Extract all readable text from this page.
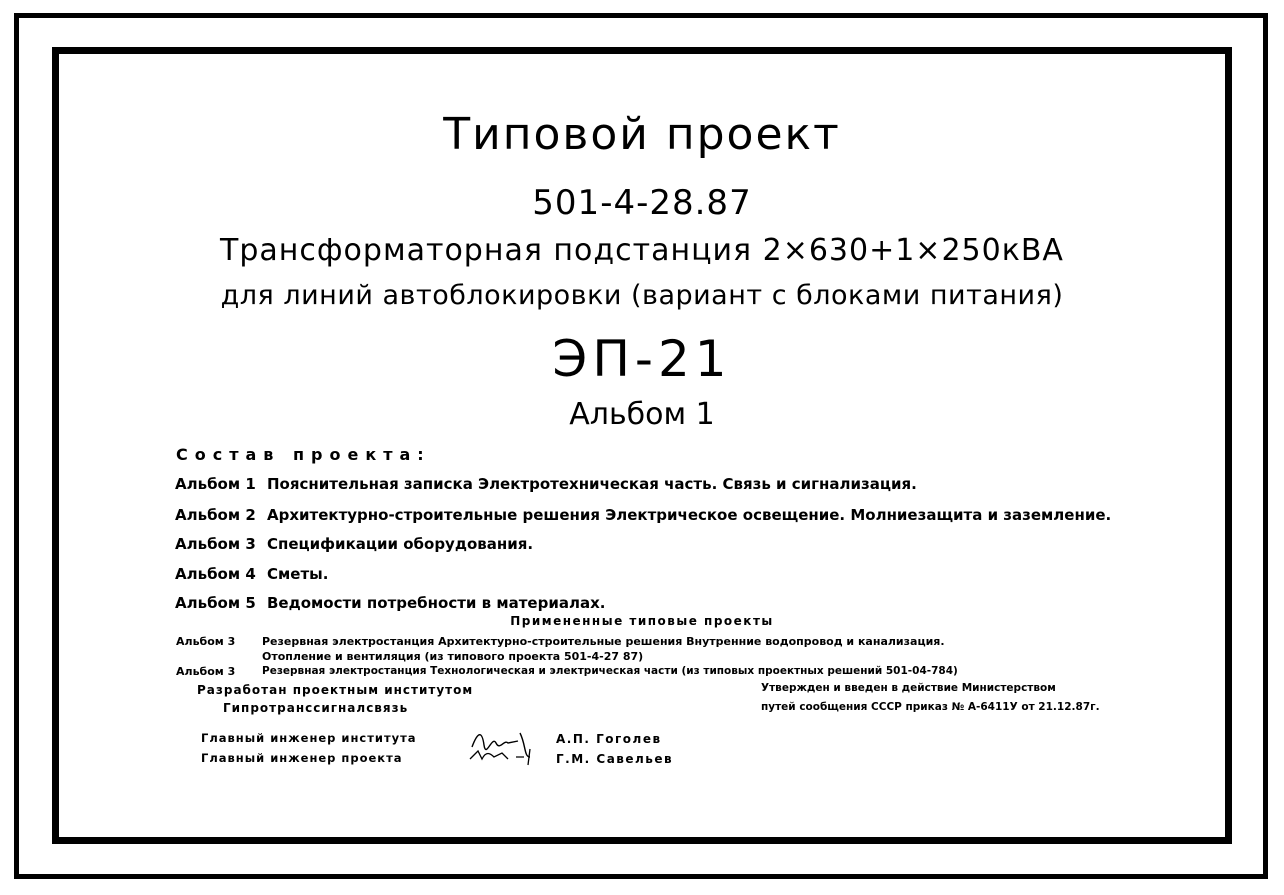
Типовой проект
501-4-28.87
Трансформаторная подстанция 2×630+1×250кВА
для линий автоблокировки (вариант с блоками питания)
ЭП-21
Альбом 1
Состав проекта:
Альбом 1 Пояснительная записка Электротехническая часть. Связь и сигнализация.
Альбом 2 Архитектурно-строительные решения Электрическое освещение. Молниезащита и заземление.
Альбом 3 Спецификации оборудования.
Альбом 4 Сметы.
Альбом 5 Ведомости потребности в материалах.
Примененные типовые проекты
Альбом 3 Резервная электростанция Архитектурно-строительные решения Внутренние водопровод и канализация.
Отопление и вентиляция (из типового проекта 501-4-27 87)
Альбом 3	Резервная электростанция Технологическая и электрическая части (из типовых проектных решений 501-04-784)
Разработан проектным институтом
Гипротранссигналсвязь
Утвержден и введен в действие Министерством
путей сообщения СССР приказ № А-6411У от 21.12.87г.
Главный инженер института
Главный инженер проекта
А.П. Гоголев
Г.М. Савельев
